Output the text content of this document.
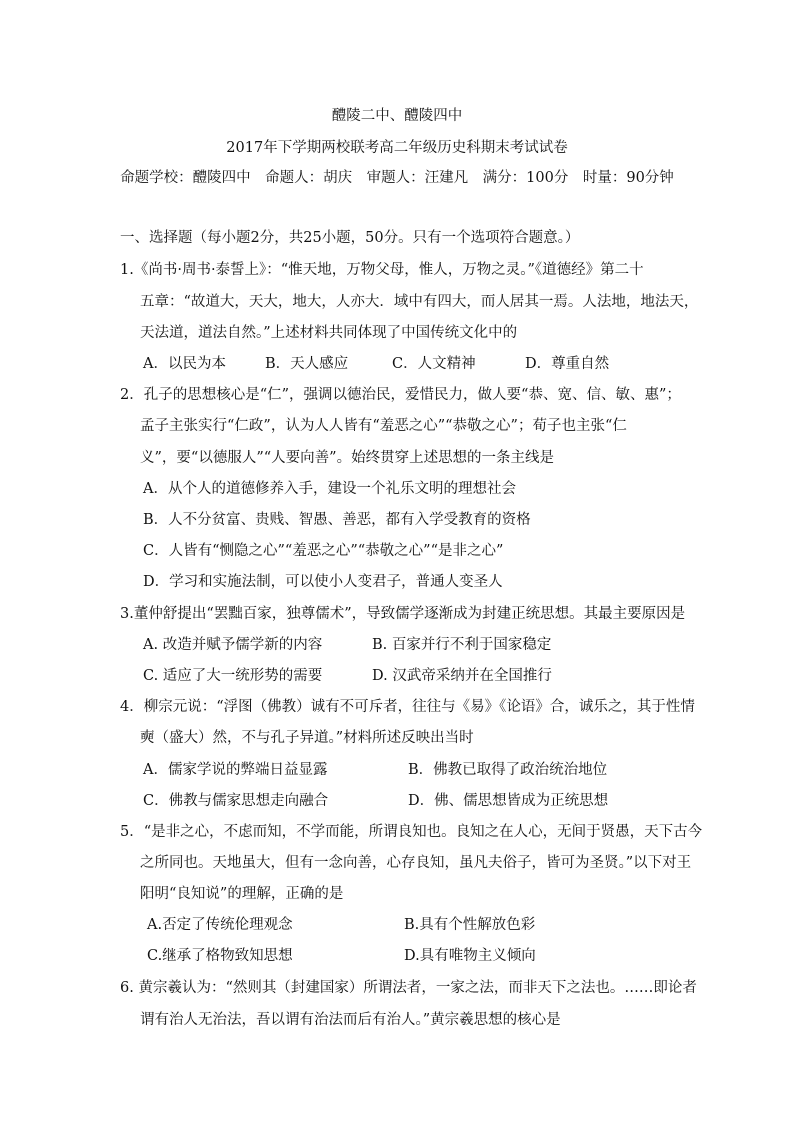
醴陵二中、醴陵四中
2017年下学期两校联考高二年级历史科期末考试试卷
命题学校：醴陵四中　命题人：胡庆　审题人：汪建凡　满分：100分　时量：90分钟
一、选择题（每小题2分，共25小题，50分。只有一个选项符合题意。）
1.《尚书·周书·泰誓上》：“惟天地，万物父母，惟人，万物之灵。”《道德经》第二十
五章：“故道大，天大，地大，人亦大．域中有四大，而人居其一焉。人法地，地法天，
天法道，道法自然。”上述材料共同体现了中国传统文化中的
A．以民为本	B．天人感应	C．人文精神	D．尊重自然
2．孔子的思想核心是“仁”，强调以德治民，爱惜民力，做人要“恭、宽、信、敏、惠”；
孟子主张实行“仁政”，认为人人皆有“羞恶之心”“恭敬之心”；荀子也主张“仁
义”，要“以德服人”“人要向善”。始终贯穿上述思想的一条主线是
A．从个人的道德修养入手，建设一个礼乐文明的理想社会
B．人不分贫富、贵贱、智愚、善恶，都有入学受教育的资格
C．人皆有“恻隐之心”“羞恶之心”“恭敬之心”“是非之心”
D．学习和实施法制，可以使小人变君子，普通人变圣人
3.董仲舒提出“罢黜百家，独尊儒术”，导致儒学逐渐成为封建正统思想。其最主要原因是
A. 改造并赋予儒学新的内容	B. 百家并行不利于国家稳定
C. 适应了大一统形势的需要	D. 汉武帝采纳并在全国推行
4．柳宗元说：“浮图（佛教）诚有不可斥者，往往与《易》《论语》合，诚乐之，其于性情
奭（盛大）然，不与孔子异道。”材料所述反映出当时
A．儒家学说的弊端日益显露	B．佛教已取得了政治统治地位
C．佛教与儒家思想走向融合	D．佛、儒思想皆成为正统思想
5．“是非之心，不虑而知，不学而能，所谓良知也。良知之在人心，无间于贤愚，天下古今
之所同也。天地虽大，但有一念向善，心存良知，虽凡夫俗子，皆可为圣贤。”以下对王
阳明“良知说”的理解，正确的是
A.否定了传统伦理观念	B.具有个性解放色彩
C.继承了格物致知思想	D.具有唯物主义倾向
6. 黄宗羲认为：“然则其（封建国家）所谓法者，一家之法，而非天下之法也。……即论者
谓有治人无治法，吾以谓有治法而后有治人。”黄宗羲思想的核心是
